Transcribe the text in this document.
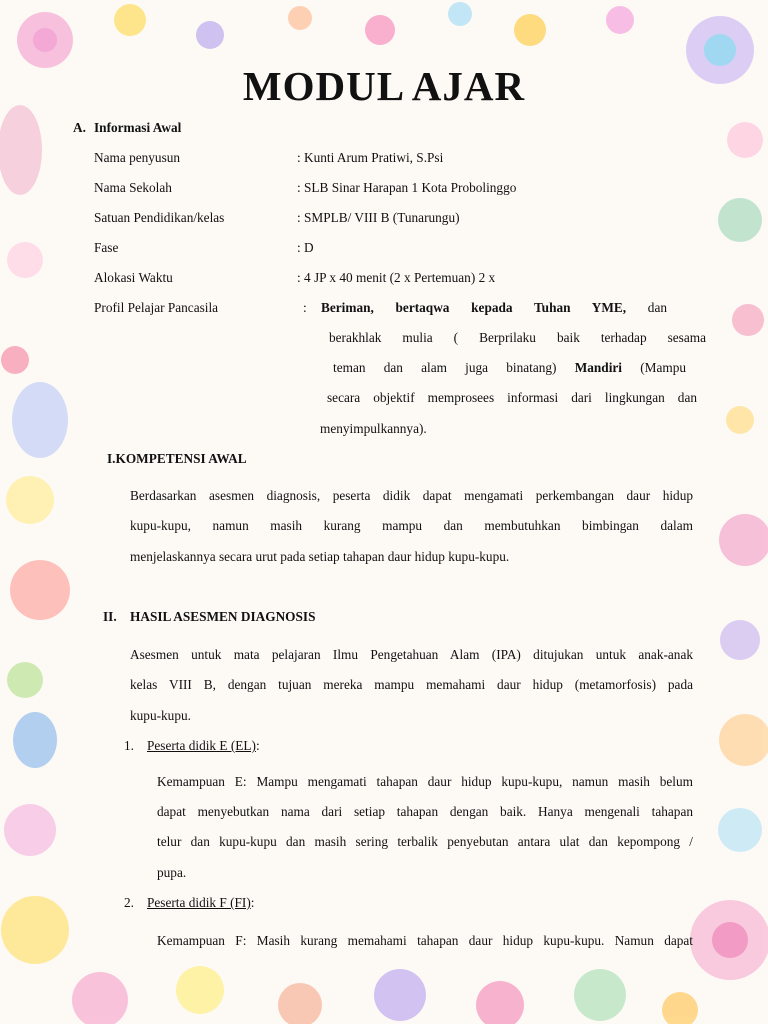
MODUL AJAR
A. Informasi Awal
Nama penyusun	: Kunti Arum Pratiwi, S.Psi
Nama Sekolah	: SLB Sinar Harapan 1 Kota Probolinggo
Satuan Pendidikan/kelas	: SMPLB/ VIII B (Tunarungu)
Fase	: D
Alokasi Waktu	: 4 JP x 40 menit (2 x Pertemuan) 2 x
Profil Pelajar Pancasila	: Beriman, bertaqwa kepada Tuhan YME, dan
berakhlak mulia ( Berprilaku baik terhadap sesama
teman dan alam juga binatang) Mandiri (Mampu
secara objektif memprosees informasi dari lingkungan dan
menyimpulkannya).
I.KOMPETENSI AWAL
Berdasarkan asesmen diagnosis, peserta didik dapat mengamati perkembangan daur hidup
kupu-kupu, namun masih kurang mampu dan membutuhkan bimbingan dalam
menjelaskannya secara urut pada setiap tahapan daur hidup kupu-kupu.
II. HASIL ASESMEN DIAGNOSIS
Asesmen untuk mata pelajaran Ilmu Pengetahuan Alam (IPA) ditujukan untuk anak-anak
kelas VIII B, dengan tujuan mereka mampu memahami daur hidup (metamorfosis) pada
kupu-kupu.
1. Peserta didik E (EL):
Kemampuan E: Mampu mengamati tahapan daur hidup kupu-kupu, namun masih belum
dapat menyebutkan nama dari setiap tahapan dengan baik. Hanya mengenali tahapan
telur dan kupu-kupu dan masih sering terbalik penyebutan antara ulat dan kepompong /
pupa.
2. Peserta didik F (FI):
Kemampuan F: Masih kurang memahami tahapan daur hidup kupu-kupu. Namun dapat
